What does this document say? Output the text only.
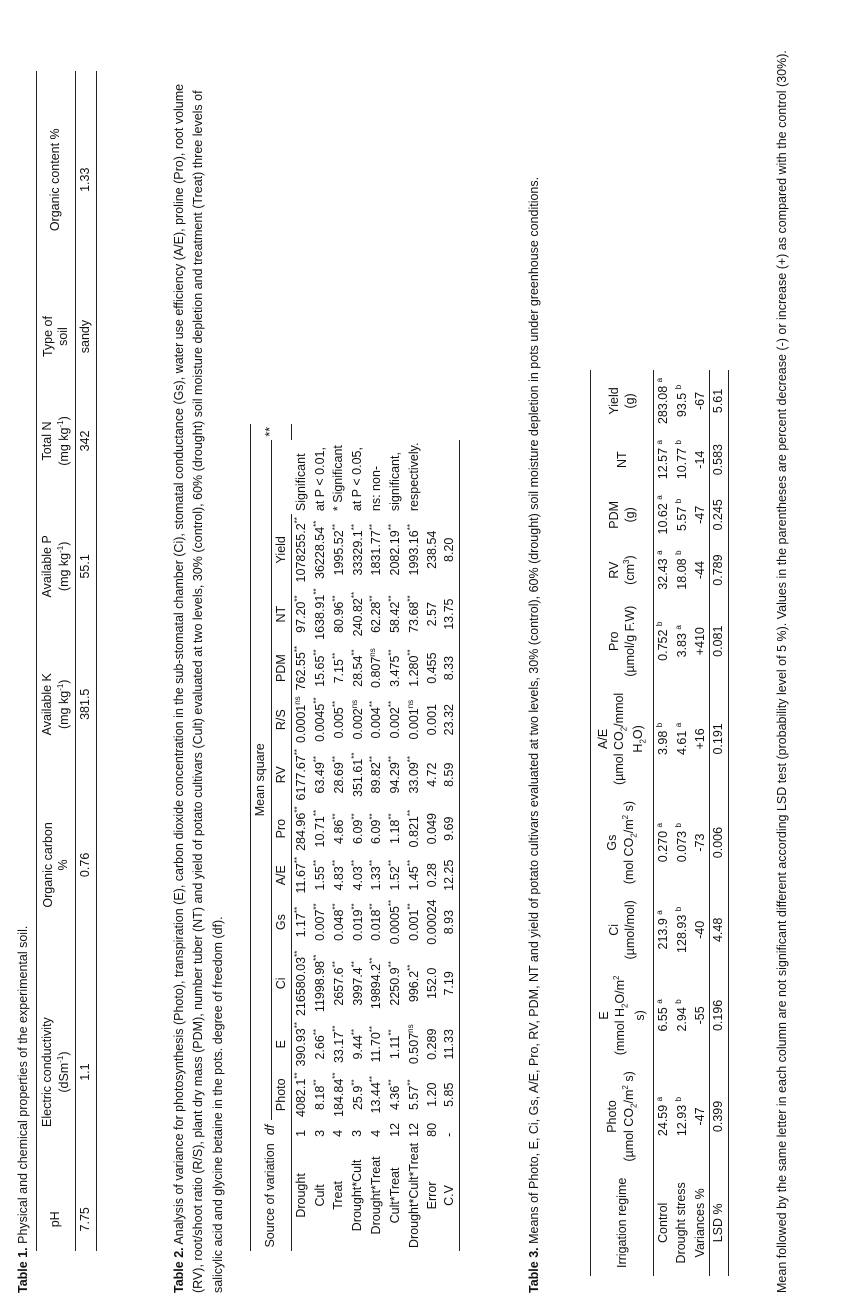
Table 1. Physical and chemical properties of the experimental soil. pH	Electric conductivity (dSm$^{-1}$)	Organic carbon %	Available K (mg $kg^{-1}$)	Available P (mg $kg^{-1}$)	Total N (mg $kg^{-1}$)	Type of soil	Organic content %
7.75	1.1	0.76	381.5	55.1	342	sandy	1.33

Table 2. Analysis of variance for photosynthesis (Photo), transpiration (E), carbon dioxide concentration in the sub-stomatal chamber (Ci), stomatal conductance (Gs), water use efficiency (A/E), proline (Pro), root volume (RV), root/shoot ratio (R/S), plant dry mass (PDM), number tuber (NT) and yield of potato cultivars (Cult) evaluated at two levels, 30% (control), 60% (drought) soil moisture depletion and treatment (Treat) three levels of salicylic acid and glycine betaine in the pots. degree of freedom (df).	Source of variation	df	Mean square												**
		Photo	E	Ci	Gs	A/E	Pro	RV	R/S	PDM	NT	Yield		
Drought	1	4082.1**	390.93**	216580.03**	1.17**	11.67**	284.96**	6177.67**	$0.0001^{ns}$	762.55**	97.20**	1078255.2**	Significant	
Cult	3	8.18**	2.66**	11998.98**	0.007**	1.55**	10.71**	63.49**	0.0045**	15.65**	1638.91**	36228.54**	at P < 0.01,	
Treat	4	184.84**	33.17**	2657.6**	0.048**	4.83**	4.86**	28.69**	0.005**	7.15**	80.96**	1995.52**	* Significant	
Drought*Cult	3	25.9**	9.44**	3997.4**	0.019**	4.03**	6.09**	351.61**	$0.002^{ns}$	28.54**	240.82**	33329.1**	at P < 0.05,	
Drought*Treat	4	13.44**	11.70**	19894.2**	0.018**	1.33**	6.09**	89.82**	0.004**	$0.807^{ns}$	62.28**	1831.77**	ns: non-	
Cult*Treat	12	4.36**	1.11**	2250.9**	0.0005**	1.52**	1.18**	94.29**	0.002**	3.475**	58.42**	2082.19**	significant,	
Drought*Cult*Treat	12	5.57**	$0.507^{ns}$	996.2**	0.001**	1.45**	0.821**	33.09**	$0.001^{ns}$	1.280**	73.68**	1993.16**	respectively.	
Error	80	1.20	0.289	152.0	0.00024	0.28	0.049	4.72	0.001	0.455	2.57	238.54		
C.V	-	5.85	11.33	7.19	8.93	12.25	9.69	8.59	23.32	8.33	13.75	8.20		

Table 3. Means of Photo, E, Ci, Gs, A/E, Pro, RV, PDM, NT and yield of potato cultivars evaluated at two levels, 30% (control), 60% (drought) soil moisture depletion in pots under greenhouse conditions.	Irrigation regime	Photo (µmol $CO_2/m^2$ s)	E (mmol $H_2O/m^2$
s)	Ci (µmol/mol)	Gs (mol $CO_2/m^2$ s)	A/E (µmol $CO_2$/mmol
$H_2O$)	Pro (µmol/g F.W)	RV $(cm^3)$	PDM (g)	NT	Yield (g)
Control	24.59 $^a$	6.55 $^a$	213.9 $^a$	0.270 $^a$	3.98 $^b$	0.752 $^b$	32.43 $^a$	10.62 $^a$	12.57 $^a$	283.08 $^a$
Drought stress	12.93 $^b$	2.94 $^b$	128.93 $^b$	0.073 $^b$	4.61 $^a$	3.83 $^a$	18.08 $^b$	5.57 $^b$	10.77 $^b$	93.5 $^b$
Variances %	-47	-55	-40	-73	+16	+410	-44	-47	-14	-67
LSD %	0.399	0.196	4.48	0.006	0.191	0.081	0.789	0.245	0.583	5.61	Mean followed by the same letter in each column are not significant different according LSD test (probability level of 5 %). Values in the parentheses are percent decrease (-) or increase (+) as compared with the control (30%).
